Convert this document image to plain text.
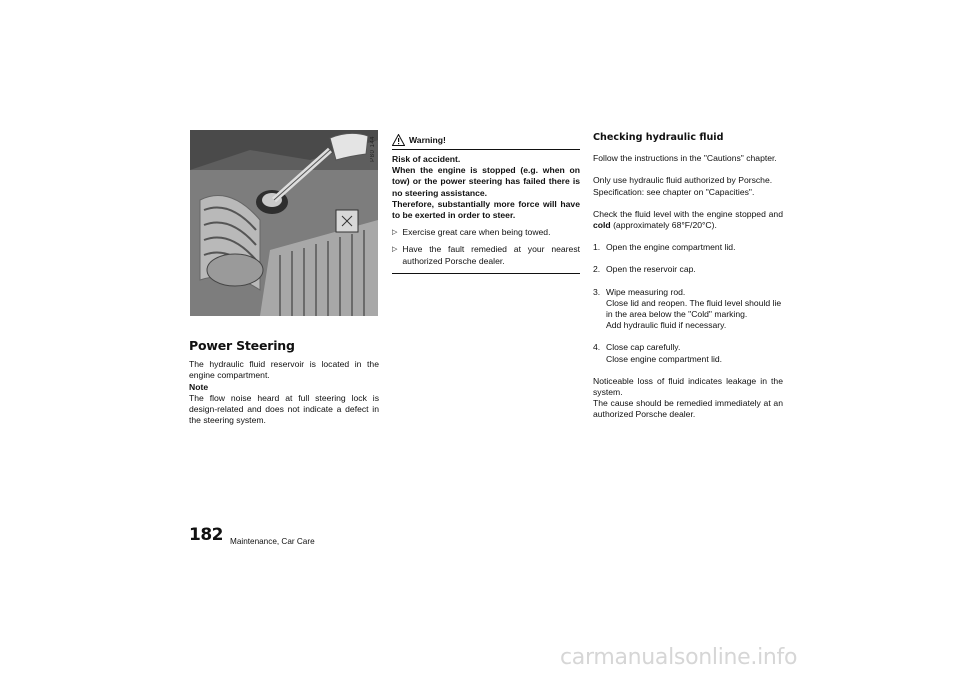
P80 144
Power Steering

The hydraulic fluid reservoir is located in the engine compartment.

Note

The flow noise heard at full steering lock is design-related and does not indicate a defect in the steering system.

Warning!

Risk of accident.

When the engine is stopped (e.g. when on tow) or the power steering has failed there is no steering assistance.

Therefore, substantially more force will have to be exerted in order to steer.

▷ Exercise great care when being towed.
▷ Have the fault remedied at your nearest authorized Porsche dealer.
Checking hydraulic fluid

Follow the instructions in the "Cautions" chapter.

Only use hydraulic fluid authorized by Porsche.

Specification: see chapter on "Capacities".

Check the fluid level with the engine stopped and cold (approximately 68°F/20°C).

1. Open the engine compartment lid.
2. Open the reservoir cap.
3. Wipe measuring rod.

Close lid and reopen. The fluid level should lie in the area below the "Cold" marking.

Add hydraulic fluid if necessary.

4. Close cap carefully.

Close engine compartment lid.

Noticeable loss of fluid indicates leakage in the system.

The cause should be remedied immediately at an authorized Porsche dealer.

182 Maintenance, Car Care
carmanualsonline.info
